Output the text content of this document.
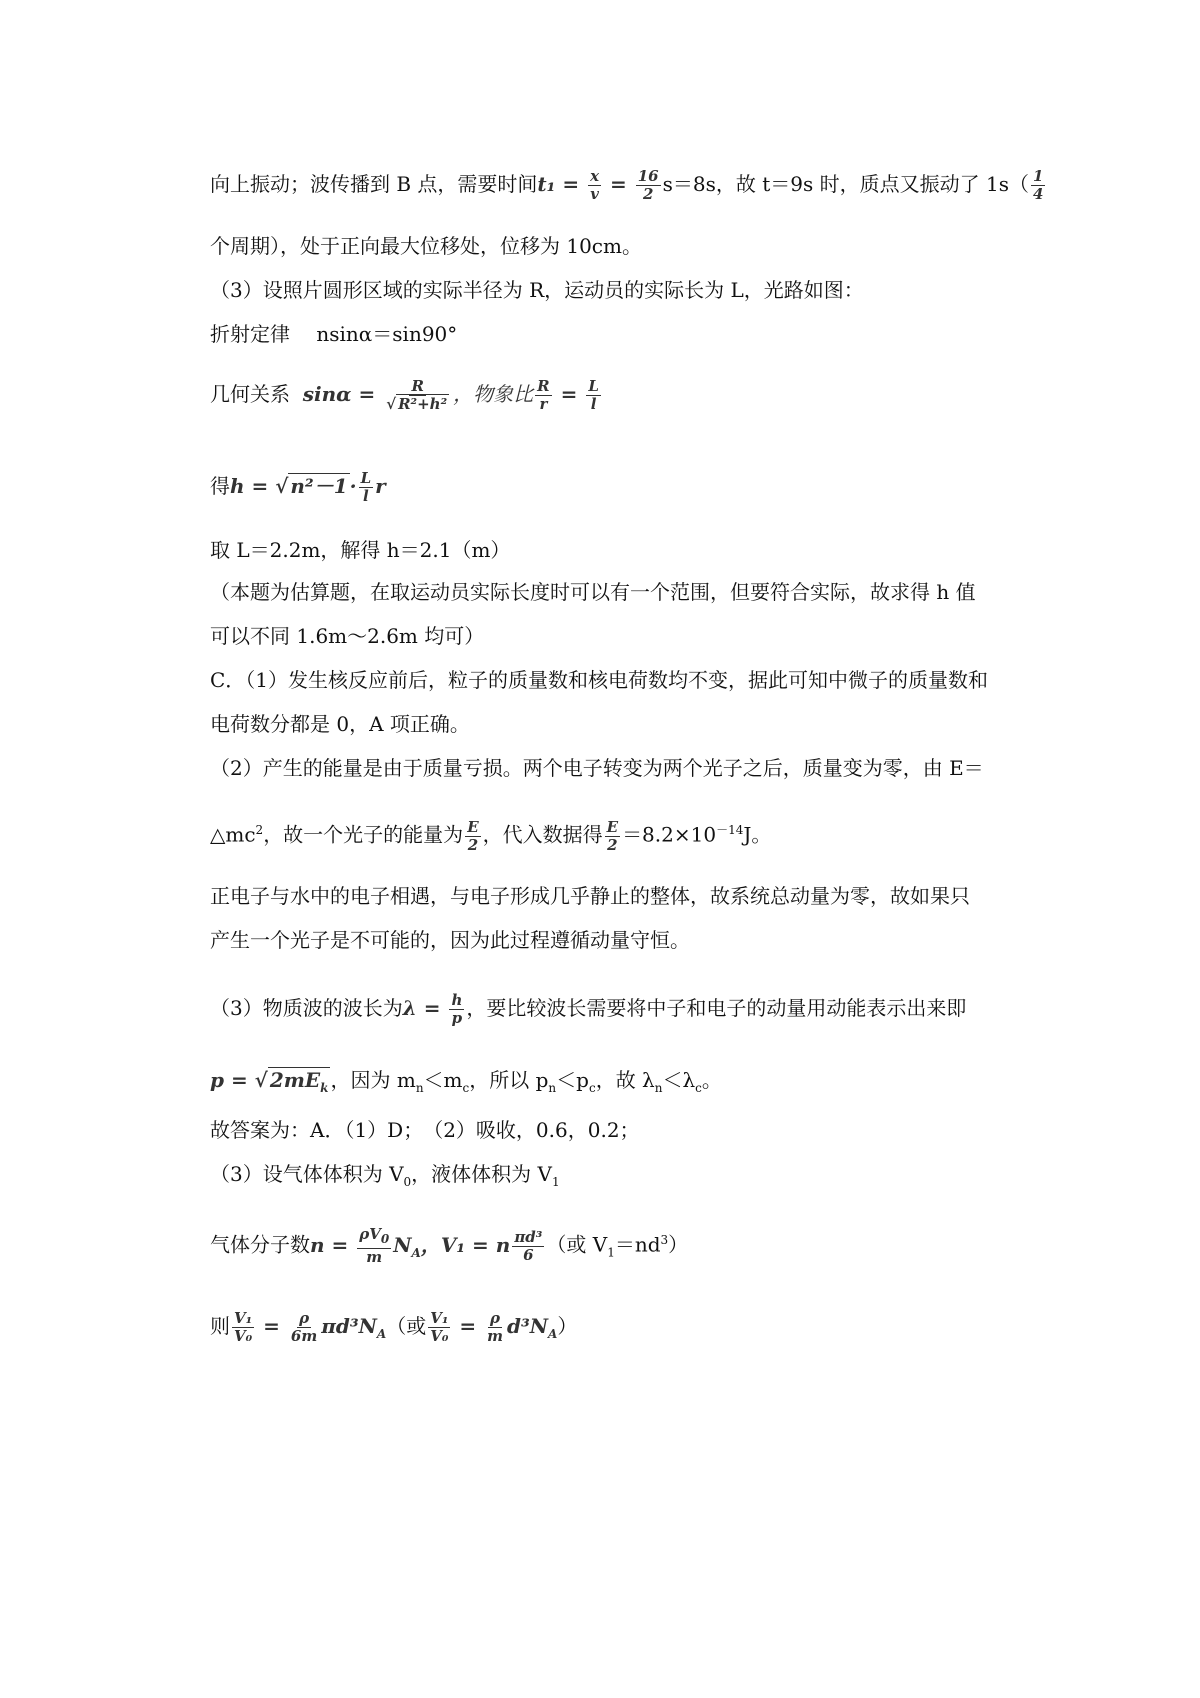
向上振动；波传播到 B 点，需要时间$t_1 = \frac{x}{v} = \frac{16}{2} s=8s$，故 t＝9s 时，质点又振动了 $1s( \frac{1}{4}$
个周期），处于正向最大位移处，位移为 10cm。
（3）设照片圆形区域的实际半径为 R，运动员的实际长为 L，光路如图：
折射定律　 nsinα＝sin90°
几何关系 $\sin\alpha = \frac{R}{\text{√ R²+h²}}$ ，物象比 $\frac{R}{r} = \frac{L}{l}$
得h = √ $n^2-1 \cdot \frac{L}{l}$ r
取 L＝2.2m，解得 h＝2.1（m）
（本题为估算题，在取运动员实际长度时可以有一个范围，但要符合实际，故求得 h 值
可以不同 1.6m～2.6m 均可）
C．（1）发生核反应前后，粒子的质量数和核电荷数均不变，据此可知中微子的质量数和
电荷数分都是 0，A 项正确。
（2）产生的能量是由于质量亏损。两个电子转变为两个光子之后，质量变为零，由 E＝
$\triangle mc^2$，故一个光子的能量为 $\frac{E}{2}$ ，代入数据得 $\frac{E}{2} =8.2\times 10^{-14}J$。
正电子与水中的电子相遇，与电子形成几乎静止的整体，故系统总动量为零，故如果只
产生一个光子是不可能的，因为此过程遵循动量守恒。
（3）物质波的波长为$\lambda = \frac{h}{p}$ ，要比较波长需要将中子和电子的动量用动能表示出来即
p = √ $2mE_k$ ，因为 $m_n<m_c$，所以 $p_n<p_c$，故 $\lambda_n<\lambda_c$。
故答案为：A．（1）D；　（2）吸收，0.6，0.2；
（3）设气体体积为 $V_0$，液体体积为 $V_1$
气体分子数$n = \frac{\rho V_0}{m} N_A$，V₁ = n $\frac{\text{πd³}}{6}$ （或 $V_1=nd^3$）
则 $\frac{\text{V₁}}{\text{V₀}} = \frac{\rho}{6m} \pi d^3N_A$（或 $\frac{\text{V₁}}{\text{V₀}} = \frac{\rho}{m} d^3N_A$）
